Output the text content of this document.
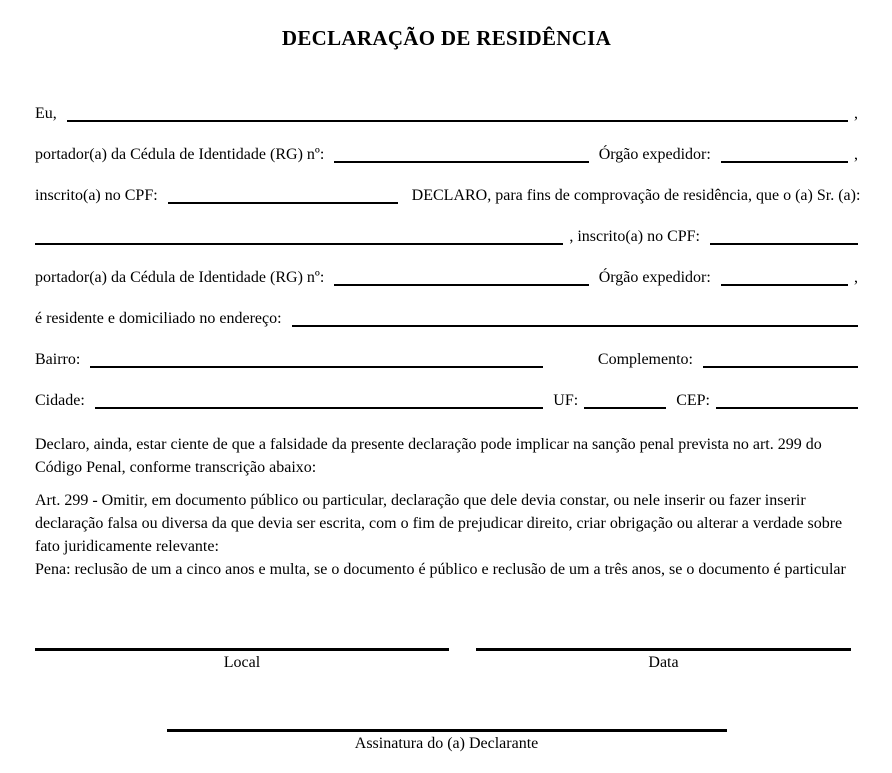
DECLARAÇÃO DE RESIDÊNCIA
Eu,	,
portador(a) da Cédula de Identidade (RG) nº:	Órgão expedidor:	,
inscrito(a) no CPF:	DECLARO, para fins de comprovação de residência, que o (a) Sr. (a):
, inscrito(a) no CPF:
portador(a) da Cédula de Identidade (RG) nº:	Órgão expedidor:	,
é residente e domiciliado no endereço:
Bairro:	Complemento:
Cidade:	UF:	CEP:

Declaro, ainda, estar ciente de que a falsidade da presente declaração pode implicar na sanção penal prevista no art. 299 do Código Penal, conforme transcrição abaixo:

Art. 299 - Omitir, em documento público ou particular, declaração que dele devia constar, ou nele inserir ou fazer inserir declaração falsa ou diversa da que devia ser escrita, com o fim de prejudicar direito, criar obrigação ou alterar a verdade sobre fato juridicamente relevante:
Pena: reclusão de um a cinco anos e multa, se o documento é público e reclusão de um a três anos, se o documento é particular
Local	Data
Assinatura do (a) Declarante
